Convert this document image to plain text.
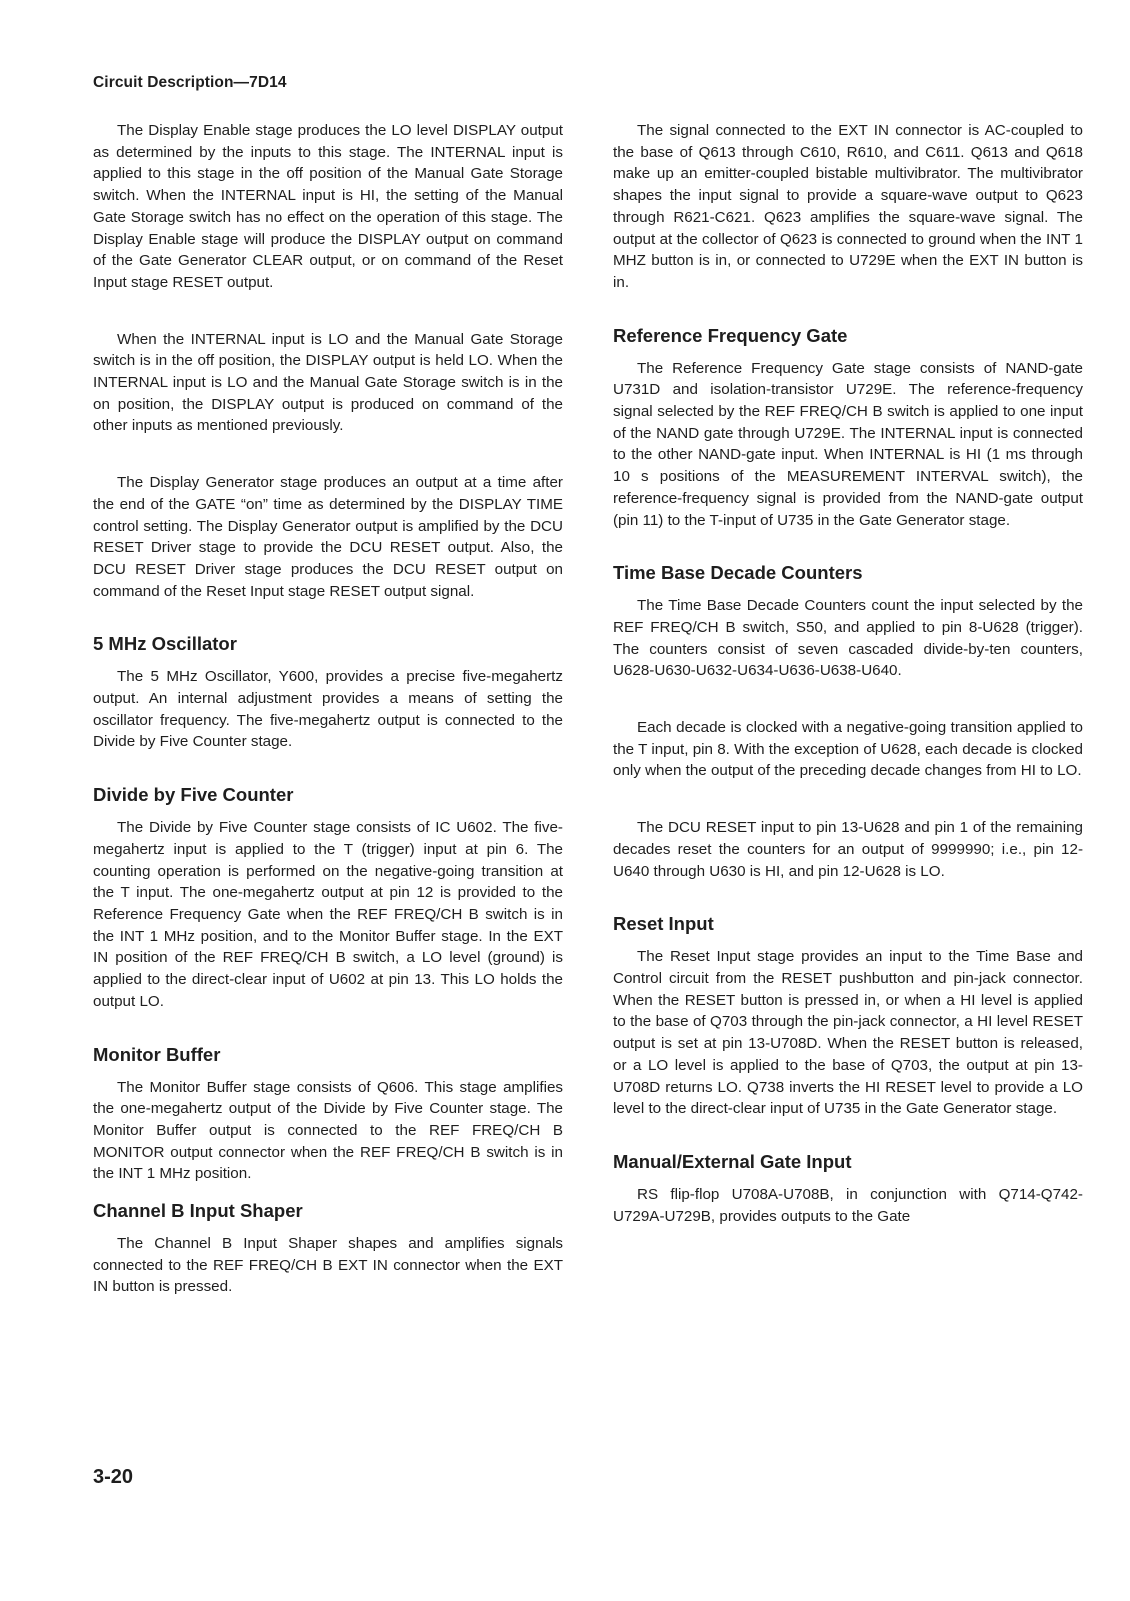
Circuit Description—7D14

The Display Enable stage produces the LO level DISPLAY output as determined by the inputs to this stage. The INTERNAL input is applied to this stage in the off position of the Manual Gate Storage switch. When the INTERNAL input is HI, the setting of the Manual Gate Storage switch has no effect on the operation of this stage. The Display Enable stage will produce the DISPLAY output on command of the Gate Generator CLEAR output, or on command of the Reset Input stage RESET output.

When the INTERNAL input is LO and the Manual Gate Storage switch is in the off position, the DISPLAY output is held LO. When the INTERNAL input is LO and the Manual Gate Storage switch is in the on position, the DISPLAY output is produced on command of the other inputs as mentioned previously.

The Display Generator stage produces an output at a time after the end of the GATE “on” time as determined by the DISPLAY TIME control setting. The Display Generator output is amplified by the DCU RESET Driver stage to provide the DCU RESET output. Also, the DCU RESET Driver stage produces the DCU RESET output on command of the Reset Input stage RESET output signal.

5 MHz Oscillator

The 5 MHz Oscillator, Y600, provides a precise five-megahertz output. An internal adjustment provides a means of setting the oscillator frequency. The five-megahertz output is connected to the Divide by Five Counter stage.

Divide by Five Counter

The Divide by Five Counter stage consists of IC U602. The five-megahertz input is applied to the T (trigger) input at pin 6. The counting operation is performed on the negative-going transition at the T input. The one-megahertz output at pin 12 is provided to the Reference Frequency Gate when the REF FREQ/CH B switch is in the INT 1 MHz position, and to the Monitor Buffer stage. In the EXT IN position of the REF FREQ/CH B switch, a LO level (ground) is applied to the direct-clear input of U602 at pin 13. This LO holds the output LO.

Monitor Buffer

The Monitor Buffer stage consists of Q606. This stage amplifies the one-megahertz output of the Divide by Five Counter stage. The Monitor Buffer output is connected to the REF FREQ/CH B MONITOR output connector when the REF FREQ/CH B switch is in the INT 1 MHz position.

Channel B Input Shaper

The Channel B Input Shaper shapes and amplifies signals connected to the REF FREQ/CH B EXT IN connector when the EXT IN button is pressed.

The signal connected to the EXT IN connector is AC-coupled to the base of Q613 through C610, R610, and C611. Q613 and Q618 make up an emitter-coupled bistable multivibrator. The multivibrator shapes the input signal to provide a square-wave output to Q623 through R621-C621. Q623 amplifies the square-wave signal. The output at the collector of Q623 is connected to ground when the INT 1 MHZ button is in, or connected to U729E when the EXT IN button is in.

Reference Frequency Gate

The Reference Frequency Gate stage consists of NAND-gate U731D and isolation-transistor U729E. The reference-frequency signal selected by the REF FREQ/CH B switch is applied to one input of the NAND gate through U729E. The INTERNAL input is connected to the other NAND-gate input. When INTERNAL is HI (1 ms through 10 s positions of the MEASUREMENT INTERVAL switch), the reference-frequency signal is provided from the NAND-gate output (pin 11) to the T-input of U735 in the Gate Generator stage.

Time Base Decade Counters

The Time Base Decade Counters count the input selected by the REF FREQ/CH B switch, S50, and applied to pin 8-U628 (trigger). The counters consist of seven cascaded divide-by-ten counters, U628-U630-U632-U634-U636-U638-U640.

Each decade is clocked with a negative-going transition applied to the T input, pin 8. With the exception of U628, each decade is clocked only when the output of the preceding decade changes from HI to LO.

The DCU RESET input to pin 13-U628 and pin 1 of the remaining decades reset the counters for an output of 9999990; i.e., pin 12-U640 through U630 is HI, and pin 12-U628 is LO.

Reset Input

The Reset Input stage provides an input to the Time Base and Control circuit from the RESET pushbutton and pin-jack connector. When the RESET button is pressed in, or when a HI level is applied to the base of Q703 through the pin-jack connector, a HI level RESET output is set at pin 13-U708D. When the RESET button is released, or a LO level is applied to the base of Q703, the output at pin 13-U708D returns LO. Q738 inverts the HI RESET level to provide a LO level to the direct-clear input of U735 in the Gate Generator stage.

Manual/External Gate Input

RS flip-flop U708A-U708B, in conjunction with Q714-Q742-U729A-U729B, provides outputs to the Gate

3-20
